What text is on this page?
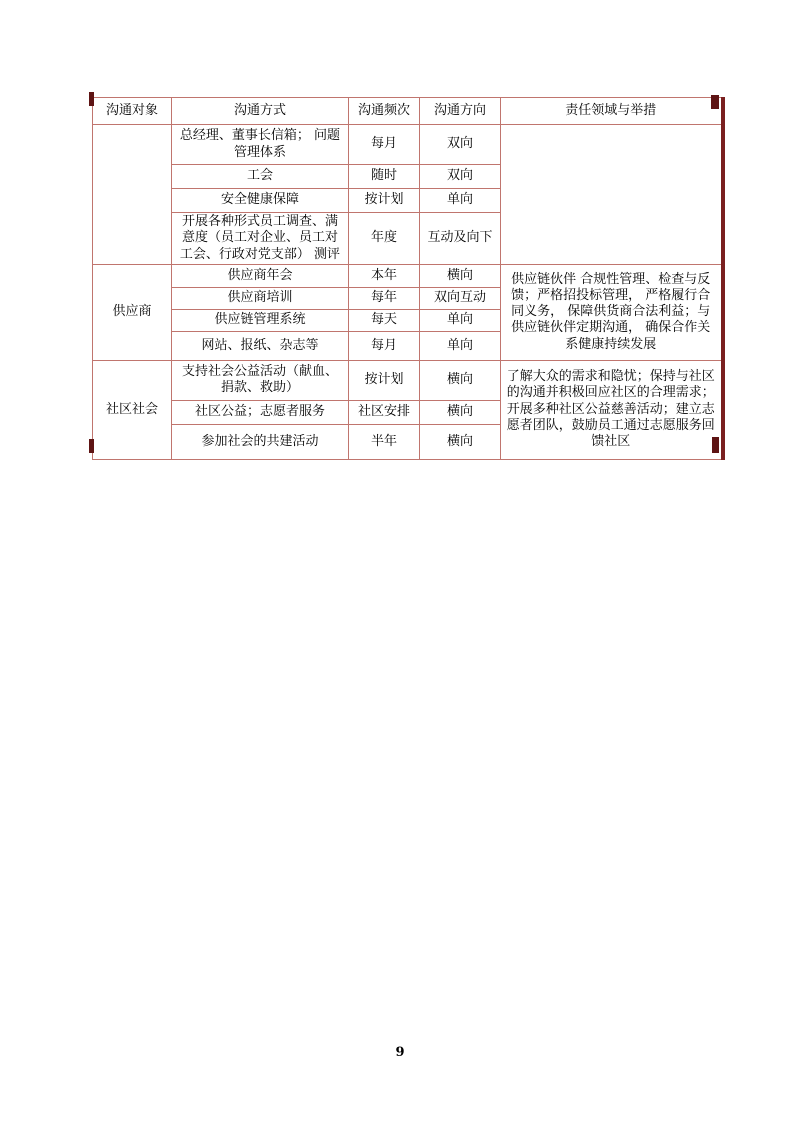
沟通对象	沟通方式	沟通频次	沟通方向	责任领域与举措
	总经理、董事长信箱； 问题管理体系	每月	双向	
	工会	随时	双向	
	安全健康保障	按计划	单向	
	开展各种形式员工调查、满意度（员工对企业、员工对工会、行政对党支部） 测评	年度	互动及向下	
供应商	供应商年会	本年	横向	供应链伙伴 合规性管理、检查与反馈；严格招投标管理， 严格履行合同义务， 保障供货商合法利益；与供应链伙伴定期沟通， 确保合作关系健康持续发展
	供应商培训	每年	双向互动	
	供应链管理系统	每天	单向	
	网站、报纸、杂志等	每月	单向	
社区社会	支持社会公益活动（献血、捐款、救助）	按计划	横向	了解大众的需求和隐忧；保持与社区的沟通并积极回应社区的合理需求；开展多种社区公益慈善活动；建立志愿者团队，鼓励员工通过志愿服务回馈社区
	社区公益；志愿者服务	社区安排	横向	
	参加社会的共建活动	半年	横向	
9
